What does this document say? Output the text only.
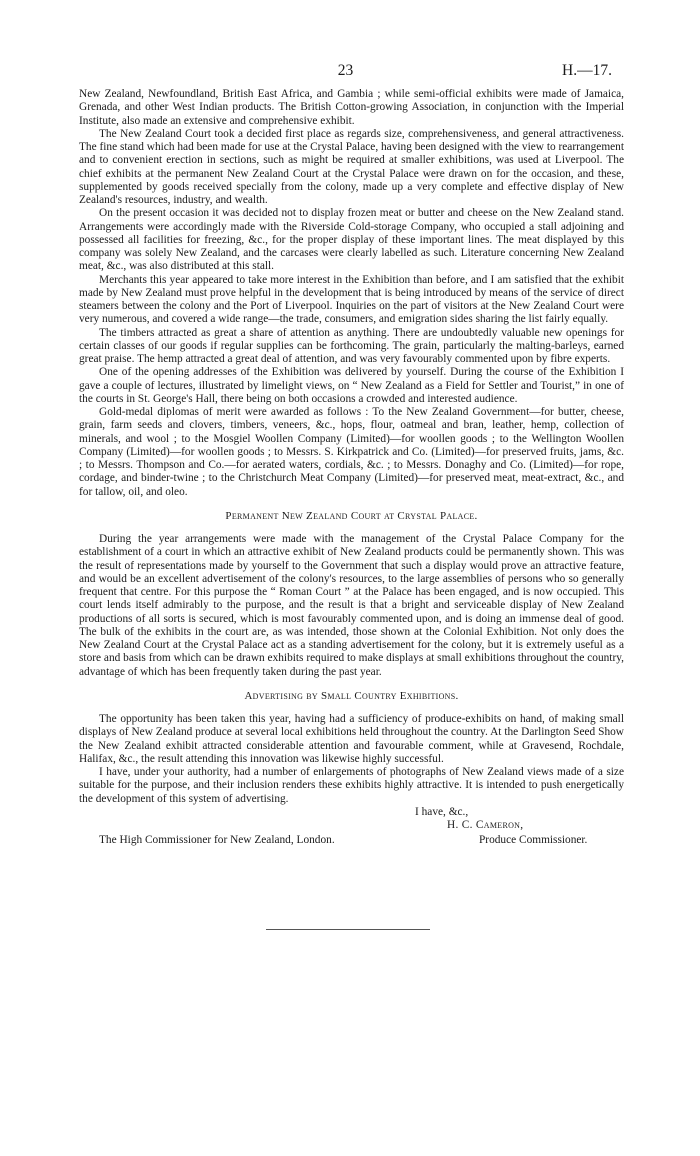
23	H.—17.

New Zealand, Newfoundland, British East Africa, and Gambia ; while semi-official exhibits were made of Jamaica, Grenada, and other West Indian products. The British Cotton-growing Association, in conjunction with the Imperial Institute, also made an extensive and comprehensive exhibit.

The New Zealand Court took a decided first place as regards size, comprehensiveness, and general attractiveness. The fine stand which had been made for use at the Crystal Palace, having been designed with the view to rearrangement and to convenient erection in sections, such as might be required at smaller exhibitions, was used at Liverpool. The chief exhibits at the permanent New Zealand Court at the Crystal Palace were drawn on for the occasion, and these, supplemented by goods received specially from the colony, made up a very complete and effective display of New Zealand's resources, industry, and wealth.

On the present occasion it was decided not to display frozen meat or butter and cheese on the New Zealand stand. Arrangements were accordingly made with the Riverside Cold-storage Company, who occupied a stall adjoining and possessed all facilities for freezing, &c., for the proper display of these important lines. The meat displayed by this company was solely New Zealand, and the carcases were clearly labelled as such. Literature concerning New Zealand meat, &c., was also distributed at this stall.

Merchants this year appeared to take more interest in the Exhibition than before, and I am satisfied that the exhibit made by New Zealand must prove helpful in the development that is being introduced by means of the service of direct steamers between the colony and the Port of Liverpool. Inquiries on the part of visitors at the New Zealand Court were very numerous, and covered a wide range—the trade, consumers, and emigration sides sharing the list fairly equally.

The timbers attracted as great a share of attention as anything. There are undoubtedly valuable new openings for certain classes of our goods if regular supplies can be forthcoming. The grain, particularly the malting-barleys, earned great praise. The hemp attracted a great deal of attention, and was very favourably commented upon by fibre experts.

One of the opening addresses of the Exhibition was delivered by yourself. During the course of the Exhibition I gave a couple of lectures, illustrated by limelight views, on “ New Zealand as a Field for Settler and Tourist,” in one of the courts in St. George's Hall, there being on both occasions a crowded and interested audience.

Gold-medal diplomas of merit were awarded as follows : To the New Zealand Government—for butter, cheese, grain, farm seeds and clovers, timbers, veneers, &c., hops, flour, oatmeal and bran, leather, hemp, collection of minerals, and wool ; to the Mosgiel Woollen Company (Limited)—for woollen goods ; to the Wellington Woollen Company (Limited)—for woollen goods ; to Messrs. S. Kirkpatrick and Co. (Limited)—for preserved fruits, jams, &c. ; to Messrs. Thompson and Co.—for aerated waters, cordials, &c. ; to Messrs. Donaghy and Co. (Limited)—for rope, cordage, and binder-twine ; to the Christchurch Meat Company (Limited)—for preserved meat, meat-extract, &c., and for tallow, oil, and oleo.

Permanent New Zealand Court at Crystal Palace.

During the year arrangements were made with the management of the Crystal Palace Company for the establishment of a court in which an attractive exhibit of New Zealand products could be permanently shown. This was the result of representations made by yourself to the Government that such a display would prove an attractive feature, and would be an excellent advertisement of the colony's resources, to the large assemblies of persons who so generally frequent that centre. For this purpose the “ Roman Court ” at the Palace has been engaged, and is now occupied. This court lends itself admirably to the purpose, and the result is that a bright and serviceable display of New Zealand productions of all sorts is secured, which is most favourably commented upon, and is doing an immense deal of good. The bulk of the exhibits in the court are, as was intended, those shown at the Colonial Exhibition. Not only does the New Zealand Court at the Crystal Palace act as a standing advertisement for the colony, but it is extremely useful as a store and basis from which can be drawn exhibits required to make displays at small exhibitions throughout the country, advantage of which has been frequently taken during the past year.

Advertising by Small Country Exhibitions.

The opportunity has been taken this year, having had a sufficiency of produce-exhibits on hand, of making small displays of New Zealand produce at several local exhibitions held throughout the country. At the Darlington Seed Show the New Zealand exhibit attracted considerable attention and favourable comment, while at Gravesend, Rochdale, Halifax, &c., the result attending this innovation was likewise highly successful.

I have, under your authority, had a number of enlargements of photographs of New Zealand views made of a size suitable for the purpose, and their inclusion renders these exhibits highly attractive. It is intended to push energetically the development of this system of advertising.

I have, &c.,
H. C. Cameron,
The High Commissioner for New Zealand, London.	Produce Commissioner.
